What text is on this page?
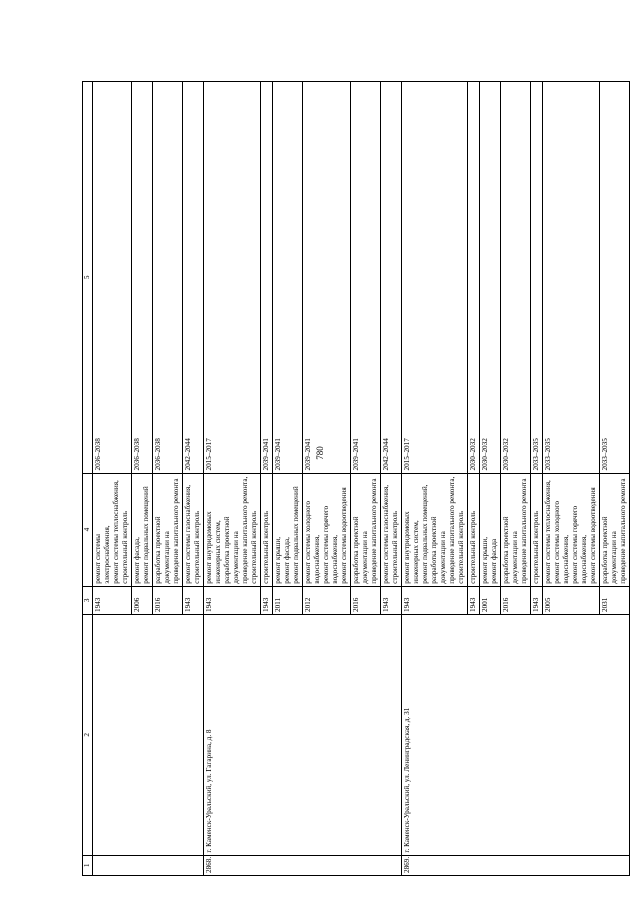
780
1	2	3	4	5
		1943	ремонт системы электроснабжения, ремонт системы теплоснабжения, строительный контроль	2036–2038
		2006	ремонт фасада, ремонт подвальных помещений	2036–2038
		2016	разработка проектной документации на проведение капитального ремонта	2036–2038
		1943	ремонт системы газоснабжения, строительный контроль	2042–2044
2868.	г. Каменск-Уральский, ул. Гагарина, д. 8	1943	ремонт внутридомовых инженерных систем, разработка проектной документации на проведение капитального ремонта, строительный контроль	2015–2017
		1943	строительный контроль	2039–2041
		2011	ремонт крыши, ремонт фасада, ремонт подвальных помещений	2039–2041
		2012	ремонт системы холодного водоснабжения, ремонт системы горячего водоснабжения, ремонт системы водоотведения	2039–2041
		2016	разработка проектной документации на проведение капитального ремонта	2039–2041
		1943	ремонт системы газоснабжения, строительный контроль	2042–2044
2869.	г. Каменск-Уральский, ул. Ленинградская, д. 31	1943	ремонт внутридомовых инженерных систем, ремонт подвальных помещений, разработка проектной документации на проведение капитального ремонта, строительный контроль	2015–2017
		1943	строительный контроль	2030–2032
		2001	ремонт крыши, ремонт фасада	2030–2032
		2016	разработка проектной документации на проведение капитального ремонта	2030–2032
		1943	строительный контроль	2033–2035
		2005	ремонт системы теплоснабжения, ремонт системы холодного водоснабжения, ремонт системы горячего водоснабжения, ремонт системы водоотведения	2033–2035
		2031	разработка проектной документации на проведение капитального ремонта	2033–2035
